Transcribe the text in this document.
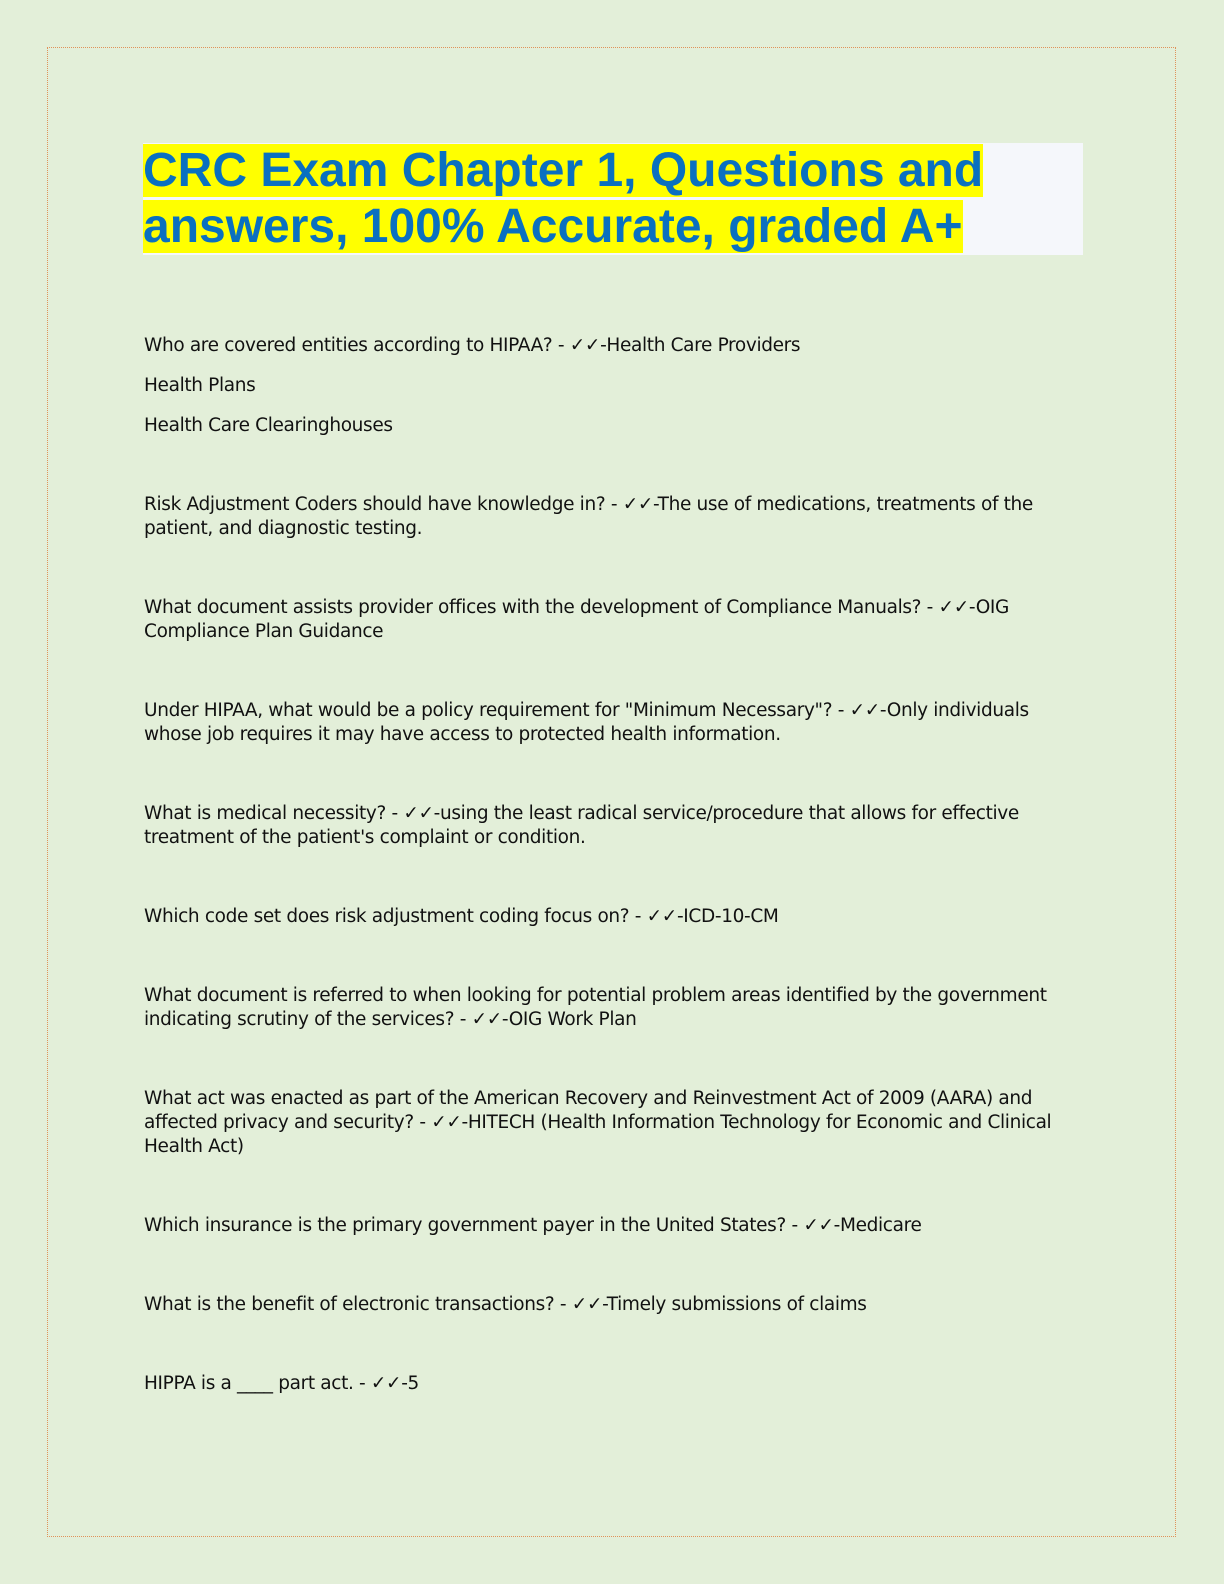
CRC Exam Chapter 1, Questions and answers, 100% Accurate, graded A+

Who are covered entities according to HIPAA? - ✓✓-Health Care Providers

Health Plans

Health Care Clearinghouses

Risk Adjustment Coders should have knowledge in? - ✓✓-The use of medications, treatments of the patient, and diagnostic testing.

What document assists provider offices with the development of Compliance Manuals? - ✓✓-OIG Compliance Plan Guidance

Under HIPAA, what would be a policy requirement for "Minimum Necessary"? - ✓✓-Only individuals whose job requires it may have access to protected health information.

What is medical necessity? - ✓✓-using the least radical service/procedure that allows for effective treatment of the patient's complaint or condition.

Which code set does risk adjustment coding focus on? - ✓✓-ICD-10-CM

What document is referred to when looking for potential problem areas identified by the government indicating scrutiny of the services? - ✓✓-OIG Work Plan

What act was enacted as part of the American Recovery and Reinvestment Act of 2009 (AARA) and affected privacy and security? - ✓✓-HITECH (Health Information Technology for Economic and Clinical Health Act)

Which insurance is the primary government payer in the United States? - ✓✓-Medicare

What is the benefit of electronic transactions? - ✓✓-Timely submissions of claims

HIPPA is a ____ part act. - ✓✓-5
